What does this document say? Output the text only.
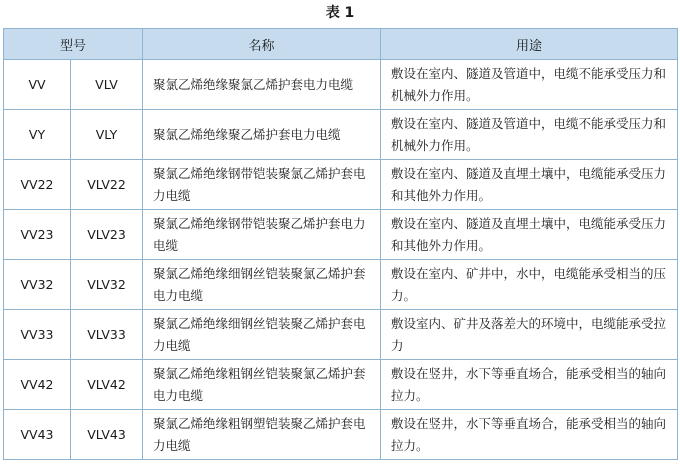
表 1
型号		名称	用途
VV	VLV	聚氯乙烯绝缘聚氯乙烯护套电力电缆	敷设在室内、隧道及管道中，电缆不能承受压力和机械外力作用。
VY	VLY	聚氯乙烯绝缘聚乙烯护套电力电缆	敷设在室内、隧道及管道中，电缆不能承受压力和机械外力作用。
VV22	VLV22	聚氯乙烯绝缘钢带铠装聚氯乙烯护套电力电缆	敷设在室内、隧道及直埋土壤中，电缆能承受压力和其他外力作用。
VV23	VLV23	聚氯乙烯绝缘钢带铠装聚乙烯护套电力电缆	敷设在室内、隧道及直埋土壤中，电缆能承受压力和其他外力作用。
VV32	VLV32	聚氯乙烯绝缘细钢丝铠装聚氯乙烯护套电力电缆	敷设在室内、矿井中，水中，电缆能承受相当的压力。
VV33	VLV33	聚氯乙烯绝缘细钢丝铠装聚乙烯护套电力电缆	敷设室内、矿井及落差大的环境中，电缆能承受拉力
VV42	VLV42	聚氯乙烯绝缘粗钢丝铠装聚氯乙烯护套电力电缆	敷设在竖井，水下等垂直场合，能承受相当的轴向拉力。
VV43	VLV43	聚氯乙烯绝缘粗钢塑铠装聚乙烯护套电力电缆	敷设在竖井，水下等垂直场合，能承受相当的轴向拉力。
